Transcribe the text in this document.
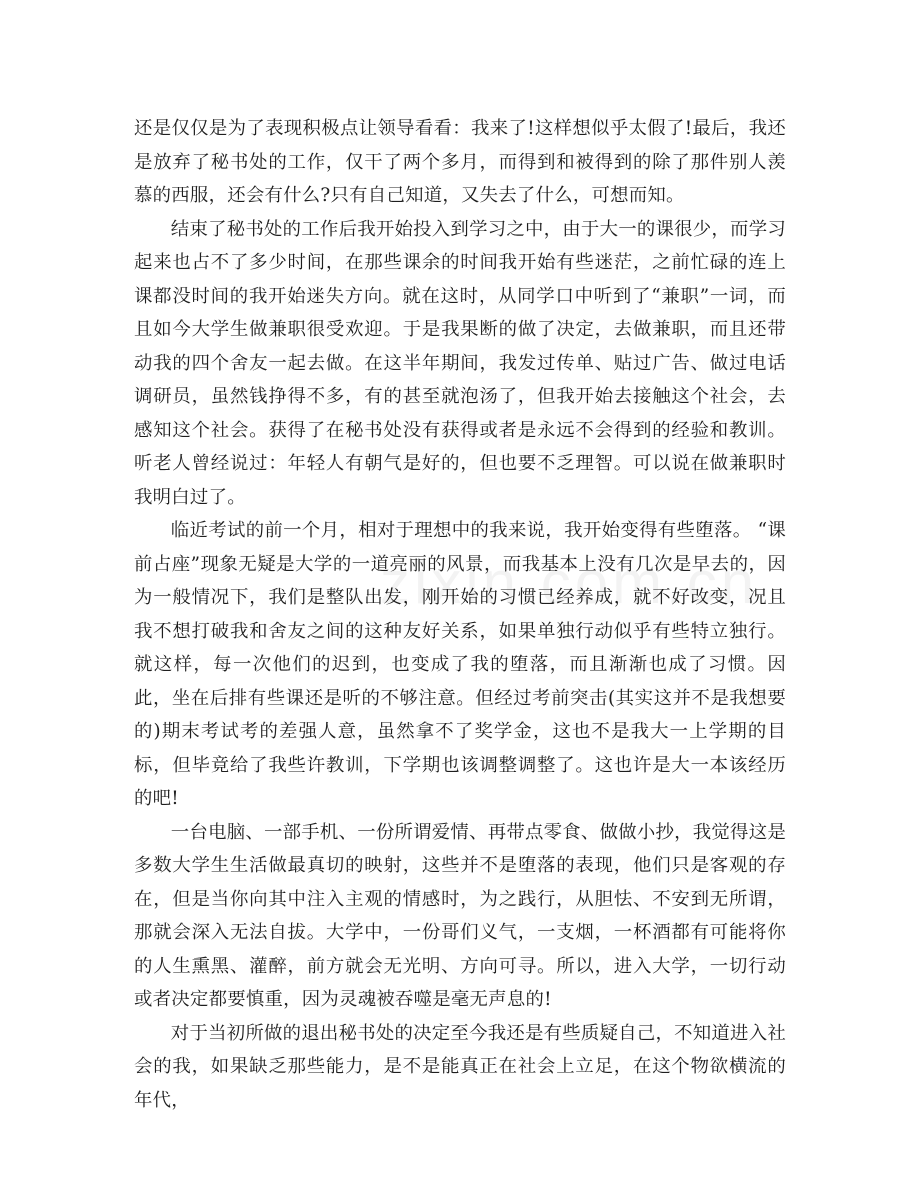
还是仅仅是为了表现积极点让领导看看：我来了!这样想似乎太假了!最后，我还是放弃了秘书处的工作，仅干了两个多月，而得到和被得到的除了那件别人羡慕的西服，还会有什么?只有自己知道，又失去了什么，可想而知。

结束了秘书处的工作后我开始投入到学习之中，由于大一的课很少，而学习起来也占不了多少时间，在那些课余的时间我开始有些迷茫，之前忙碌的连上课都没时间的我开始迷失方向。就在这时，从同学口中听到了“兼职”一词，而且如今大学生做兼职很受欢迎。于是我果断的做了决定，去做兼职，而且还带动我的四个舍友一起去做。在这半年期间，我发过传单、贴过广告、做过电话调研员，虽然钱挣得不多，有的甚至就泡汤了，但我开始去接触这个社会，去感知这个社会。获得了在秘书处没有获得或者是永远不会得到的经验和教训。听老人曾经说过：年轻人有朝气是好的，但也要不乏理智。可以说在做兼职时我明白过了。

临近考试的前一个月，相对于理想中的我来说，我开始变得有些堕落。 “课前占座”现象无疑是大学的一道亮丽的风景，而我基本上没有几次是早去的，因为一般情况下，我们是整队出发，刚开始的习惯已经养成，就不好改变，况且我不想打破我和舍友之间的这种友好关系，如果单独行动似乎有些特立独行。就这样，每一次他们的迟到，也变成了我的堕落，而且渐渐也成了习惯。因此，坐在后排有些课还是听的不够注意。但经过考前突击(其实这并不是我想要的)期末考试考的差强人意，虽然拿不了奖学金，这也不是我大一上学期的目标，但毕竟给了我些许教训，下学期也该调整调整了。这也许是大一本该经历的吧!

一台电脑、一部手机、一份所谓爱情、再带点零食、做做小抄，我觉得这是多数大学生生活做最真切的映射，这些并不是堕落的表现，他们只是客观的存在，但是当你向其中注入主观的情感时，为之践行，从胆怯、不安到无所谓，那就会深入无法自拔。大学中，一份哥们义气，一支烟，一杯酒都有可能将你的人生熏黑、灌醉，前方就会无光明、方向可寻。所以，进入大学，一切行动或者决定都要慎重，因为灵魂被吞噬是毫无声息的!

对于当初所做的退出秘书处的决定至今我还是有些质疑自己，不知道进入社会的我，如果缺乏那些能力，是不是能真正在社会上立足，在这个物欲横流的年代，
